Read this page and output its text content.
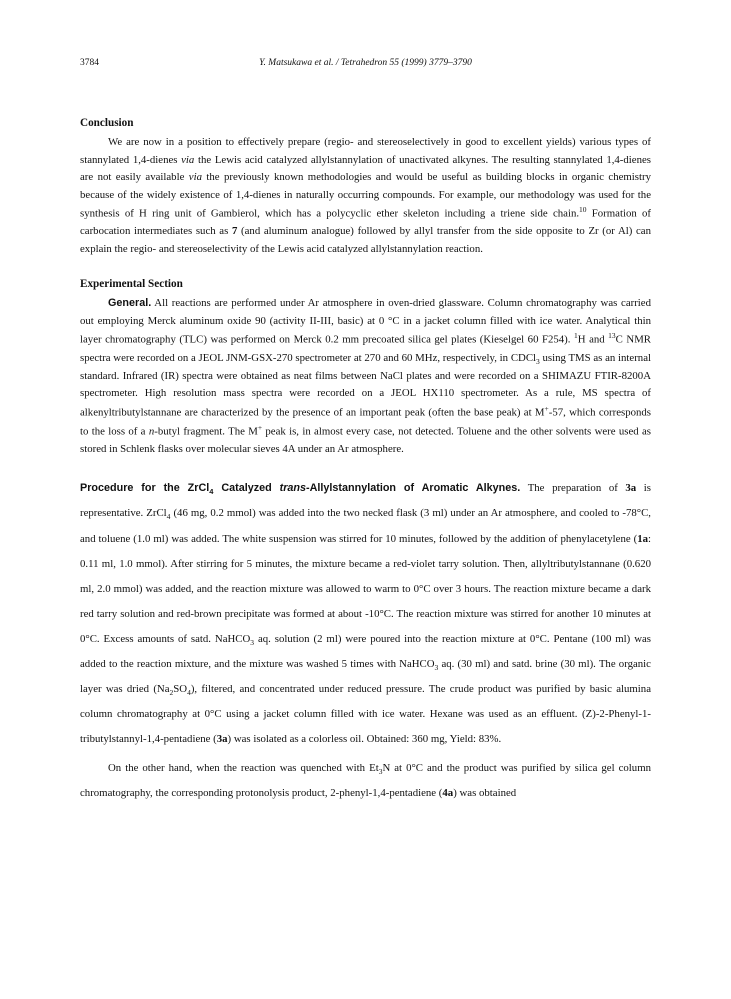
3784	Y. Matsukawa et al. / Tetrahedron 55 (1999) 3779–3790
Conclusion

We are now in a position to effectively prepare (regio- and stereoselectively in good to excellent yields) various types of stannylated 1,4-dienes via the Lewis acid catalyzed allylstannylation of unactivated alkynes. The resulting stannylated 1,4-dienes are not easily available via the previously known methodologies and would be useful as building blocks in organic chemistry because of the widely existence of 1,4-dienes in naturally occurring compounds. For example, our methodology was used for the synthesis of H ring unit of Gambierol, which has a polycyclic ether skeleton including a triene side chain.$^{10}$ Formation of carbocation intermediates such as 7 (and aluminum analogue) followed by allyl transfer from the side opposite to Zr (or Al) can explain the regio- and stereoselectivity of the Lewis acid catalyzed allylstannylation reaction.

Experimental Section

General. All reactions are performed under Ar atmosphere in oven-dried glassware. Column chromatography was carried out employing Merck aluminum oxide 90 (activity II-III, basic) at 0 °C in a jacket column filled with ice water. Analytical thin layer chromatography (TLC) was performed on Merck 0.2 mm precoated silica gel plates (Kieselgel 60 F254). $^1$H and $^{13}$C NMR spectra were recorded on a JEOL JNM-GSX-270 spectrometer at 270 and 60 MHz, respectively, in CDCl$_3$ using TMS as an internal standard. Infrared (IR) spectra were obtained as neat films between NaCl plates and were recorded on a SHIMAZU FTIR-8200A spectrometer. High resolution mass spectra were recorded on a JEOL HX110 spectrometer. As a rule, MS spectra of alkenyltributylstannane are characterized by the presence of an important peak (often the base peak) at M+-57, which corresponds to the loss of a n-butyl fragment. The M+ peak is, in almost every case, not detected. Toluene and the other solvents were used as stored in Schlenk flasks over molecular sieves 4A under an Ar atmosphere.

Procedure for the ZrCl$_4$ Catalyzed trans-Allylstannylation of Aromatic Alkynes. The preparation of 3a is representative. ZrCl$_4$ (46 mg, 0.2 mmol) was added into the two necked flask (3 ml) under an Ar atmosphere, and cooled to -78°C, and toluene (1.0 ml) was added. The white suspension was stirred for 10 minutes, followed by the addition of phenylacetylene (1a: 0.11 ml, 1.0 mmol). After stirring for 5 minutes, the mixture became a red-violet tarry solution. Then, allyltributylstannane (0.620 ml, 2.0 mmol) was added, and the reaction mixture was allowed to warm to 0°C over 3 hours. The reaction mixture became a dark red tarry solution and red-brown precipitate was formed at about -10°C. The reaction mixture was stirred for another 10 minutes at 0°C. Excess amounts of satd. NaHCO$_3$ aq. solution (2 ml) were poured into the reaction mixture at 0°C. Pentane (100 ml) was added to the reaction mixture, and the mixture was washed 5 times with NaHCO$_3$ aq. (30 ml) and satd. brine (30 ml). The organic layer was dried $(Na_2SO_4)$, filtered, and concentrated under reduced pressure. The crude product was purified by basic alumina column chromatography at 0°C using a jacket column filled with ice water. Hexane was used as an effluent. (Z)-2-Phenyl-1-tributylstannyl-1,4-pentadiene (3a) was isolated as a colorless oil. Obtained: 360 mg, Yield: 83%.

On the other hand, when the reaction was quenched with $Et_3N$ at 0°C and the product was purified by silica gel column chromatography, the corresponding protonolysis product, 2-phenyl-1,4-pentadiene (4a) was obtained
